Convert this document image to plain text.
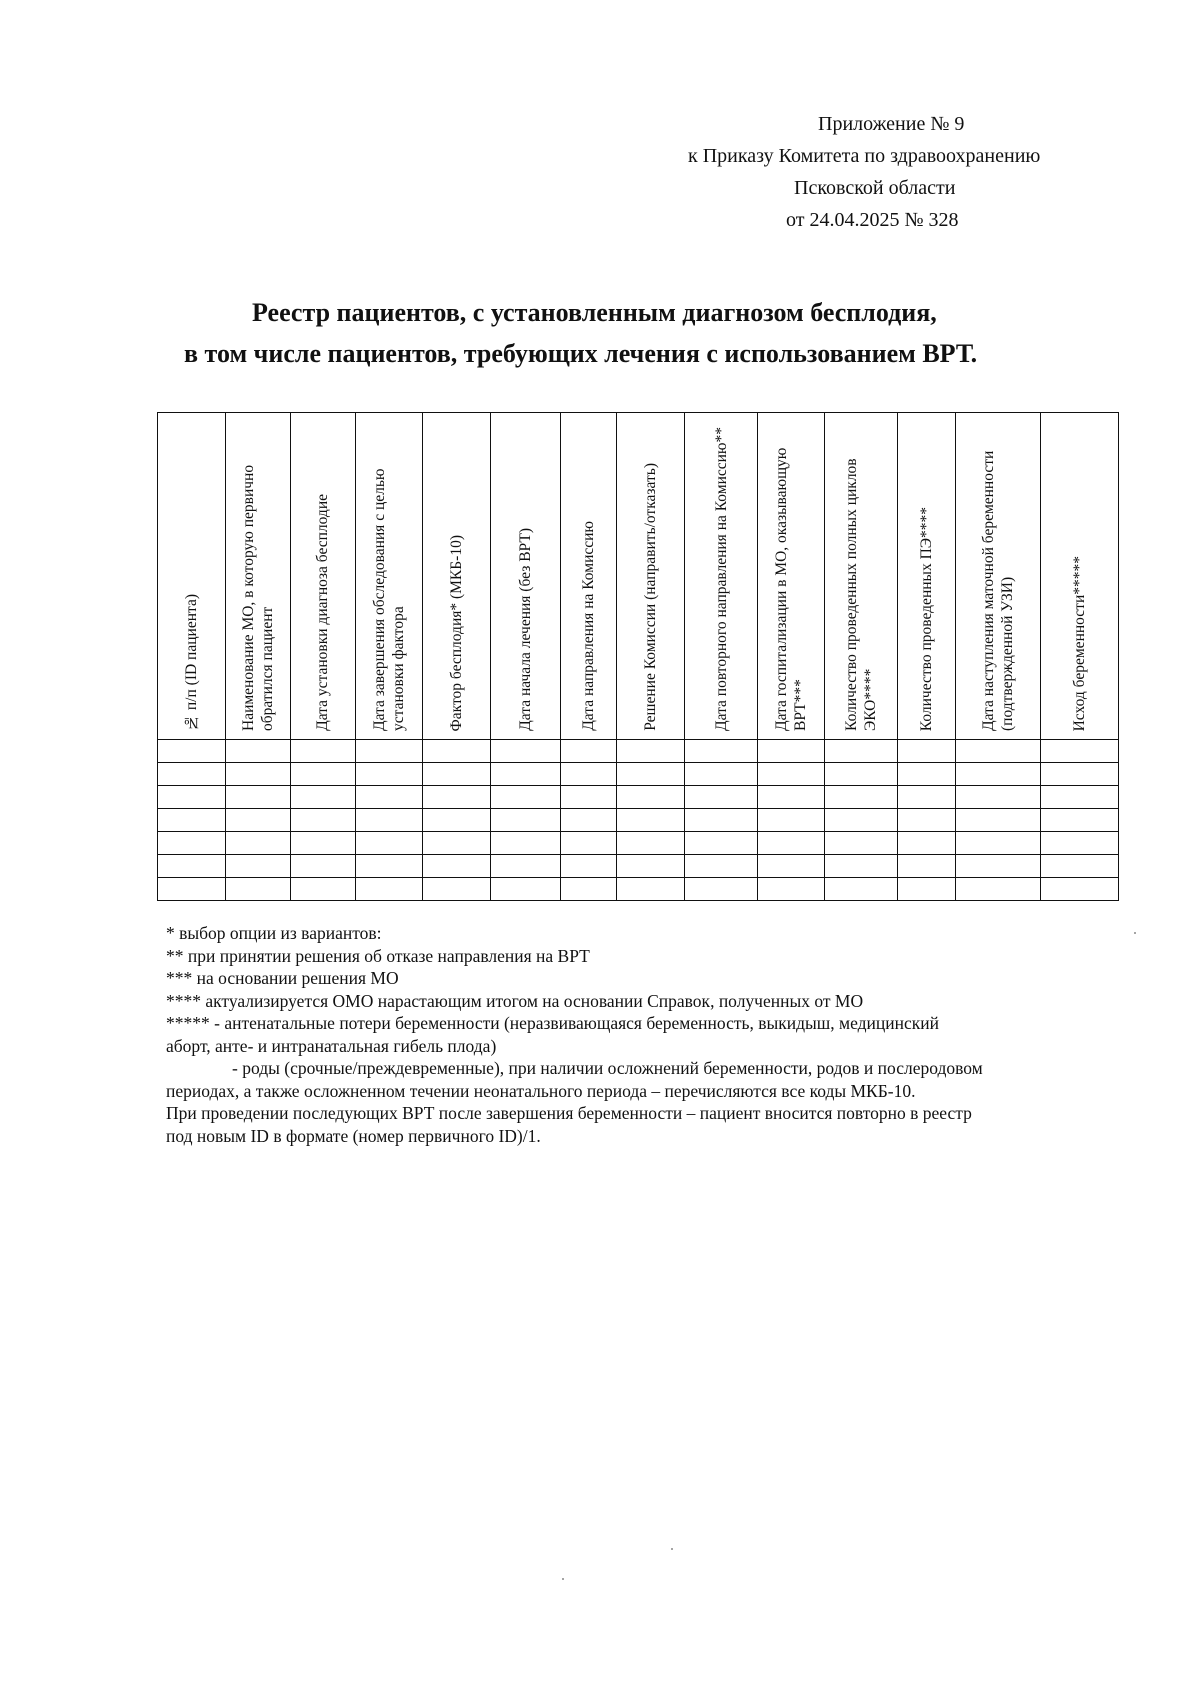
Приложение № 9
к Приказу Комитета по здравоохранению
Псковской области
от 24.04.2025 № 328
Реестр пациентов, с установленным диагнозом бесплодия,
в том числе пациентов, требующих лечения с использованием ВРТ.
№ п/п (ID пациента)	Наименование МО, в которую первично обратился пациент	Дата установки диагноза бесплодие	Дата завершения обследования с целью установки фактора	Фактор бесплодия* (МКБ-10)	Дата начала лечения (без ВРТ)	Дата направления на Комиссию	Решение Комиссии (направить/отказать)	Дата повторного направления на Комиссию**	Дата госпитализации в МО, оказывающую ВРТ***	Количество проведенных полных циклов ЭКО****	Количество проведенных ПЭ****	Дата наступления маточной беременности (подтвержденной УЗИ)	Исход беременности*****

* выбор опции из вариантов:
** при принятии решения об отказе направления на ВРТ
*** на основании решения МО
**** актуализируется ОМО нарастающим итогом на основании Справок, полученных от МО
***** - антенатальные потери беременности (неразвивающаяся беременность, выкидыш, медицинский
аборт, анте- и интранатальная гибель плода)
- роды (срочные/преждевременные), при наличии осложнений беременности, родов и послеродовом
периодах, а также осложненном течении неонатального периода – перечисляются все коды МКБ-10.
При проведении последующих ВРТ после завершения беременности – пациент вносится повторно в реестр
под новым ID в формате (номер первичного ID)/1.
